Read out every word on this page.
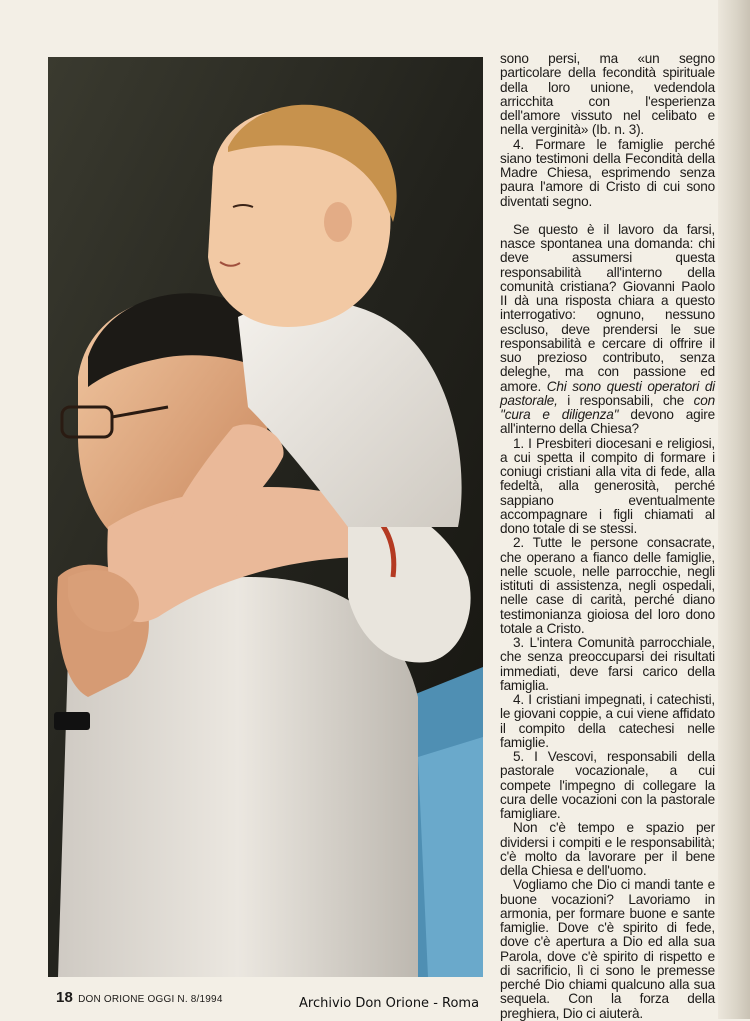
sono persi, ma «un segno particolare della fecondità spirituale della loro unione, vedendola arricchita con l'esperienza dell'amore vissuto nel celibato e nella verginità» (Ib. n. 3).

4. Formare le famiglie perché siano testimoni della Fecondità della Madre Chiesa, esprimendo senza paura l'amore di Cristo di cui sono diventati segno.

Se questo è il lavoro da farsi, nasce spontanea una domanda: chi deve assumersi questa responsabilità all'interno della comunità cristiana? Giovanni Paolo II dà una risposta chiara a questo interrogativo: ognuno, nessuno escluso, deve prendersi le sue responsabilità e cercare di offrire il suo prezioso contributo, senza deleghe, ma con passione ed amore. Chi sono questi operatori di pastorale, i responsabili, che con ''cura e diligenza'' devono agire all'interno della Chiesa?

1. I Presbiteri diocesani e religiosi, a cui spetta il compito di formare i coniugi cristiani alla vita di fede, alla fedeltà, alla generosità, perché sappiano eventualmente accompagnare i figli chiamati al dono totale di se stessi.

2. Tutte le persone consacrate, che operano a fianco delle famiglie, nelle scuole, nelle parrocchie, negli istituti di assistenza, negli ospedali, nelle case di carità, perché diano testimonianza gioiosa del loro dono totale a Cristo.

3. L'intera Comunità parrocchiale, che senza preoccuparsi dei risultati immediati, deve farsi carico della famiglia.

4. I cristiani impegnati, i catechisti, le giovani coppie, a cui viene affidato il compito della catechesi nelle famiglie.

5. I Vescovi, responsabili della pastorale vocazionale, a cui compete l'impegno di collegare la cura delle vocazioni con la pastorale famigliare.

Non c'è tempo e spazio per dividersi i compiti e le responsabilità; c'è molto da lavorare per il bene della Chiesa e dell'uomo.

Vogliamo che Dio ci mandi tante e buone vocazioni? Lavoriamo in armonia, per formare buone e sante famiglie. Dove c'è spirito di fede, dove c'è apertura a Dio ed alla sua Parola, dove c'è spirito di rispetto e di sacrificio, lì ci sono le premesse perché Dio chiami qualcuno alla sua sequela. Con la forza della preghiera, Dio ci aiuterà.

18 DON ORIONE OGGI N. 8/1994	Archivio Don Orione - Roma
